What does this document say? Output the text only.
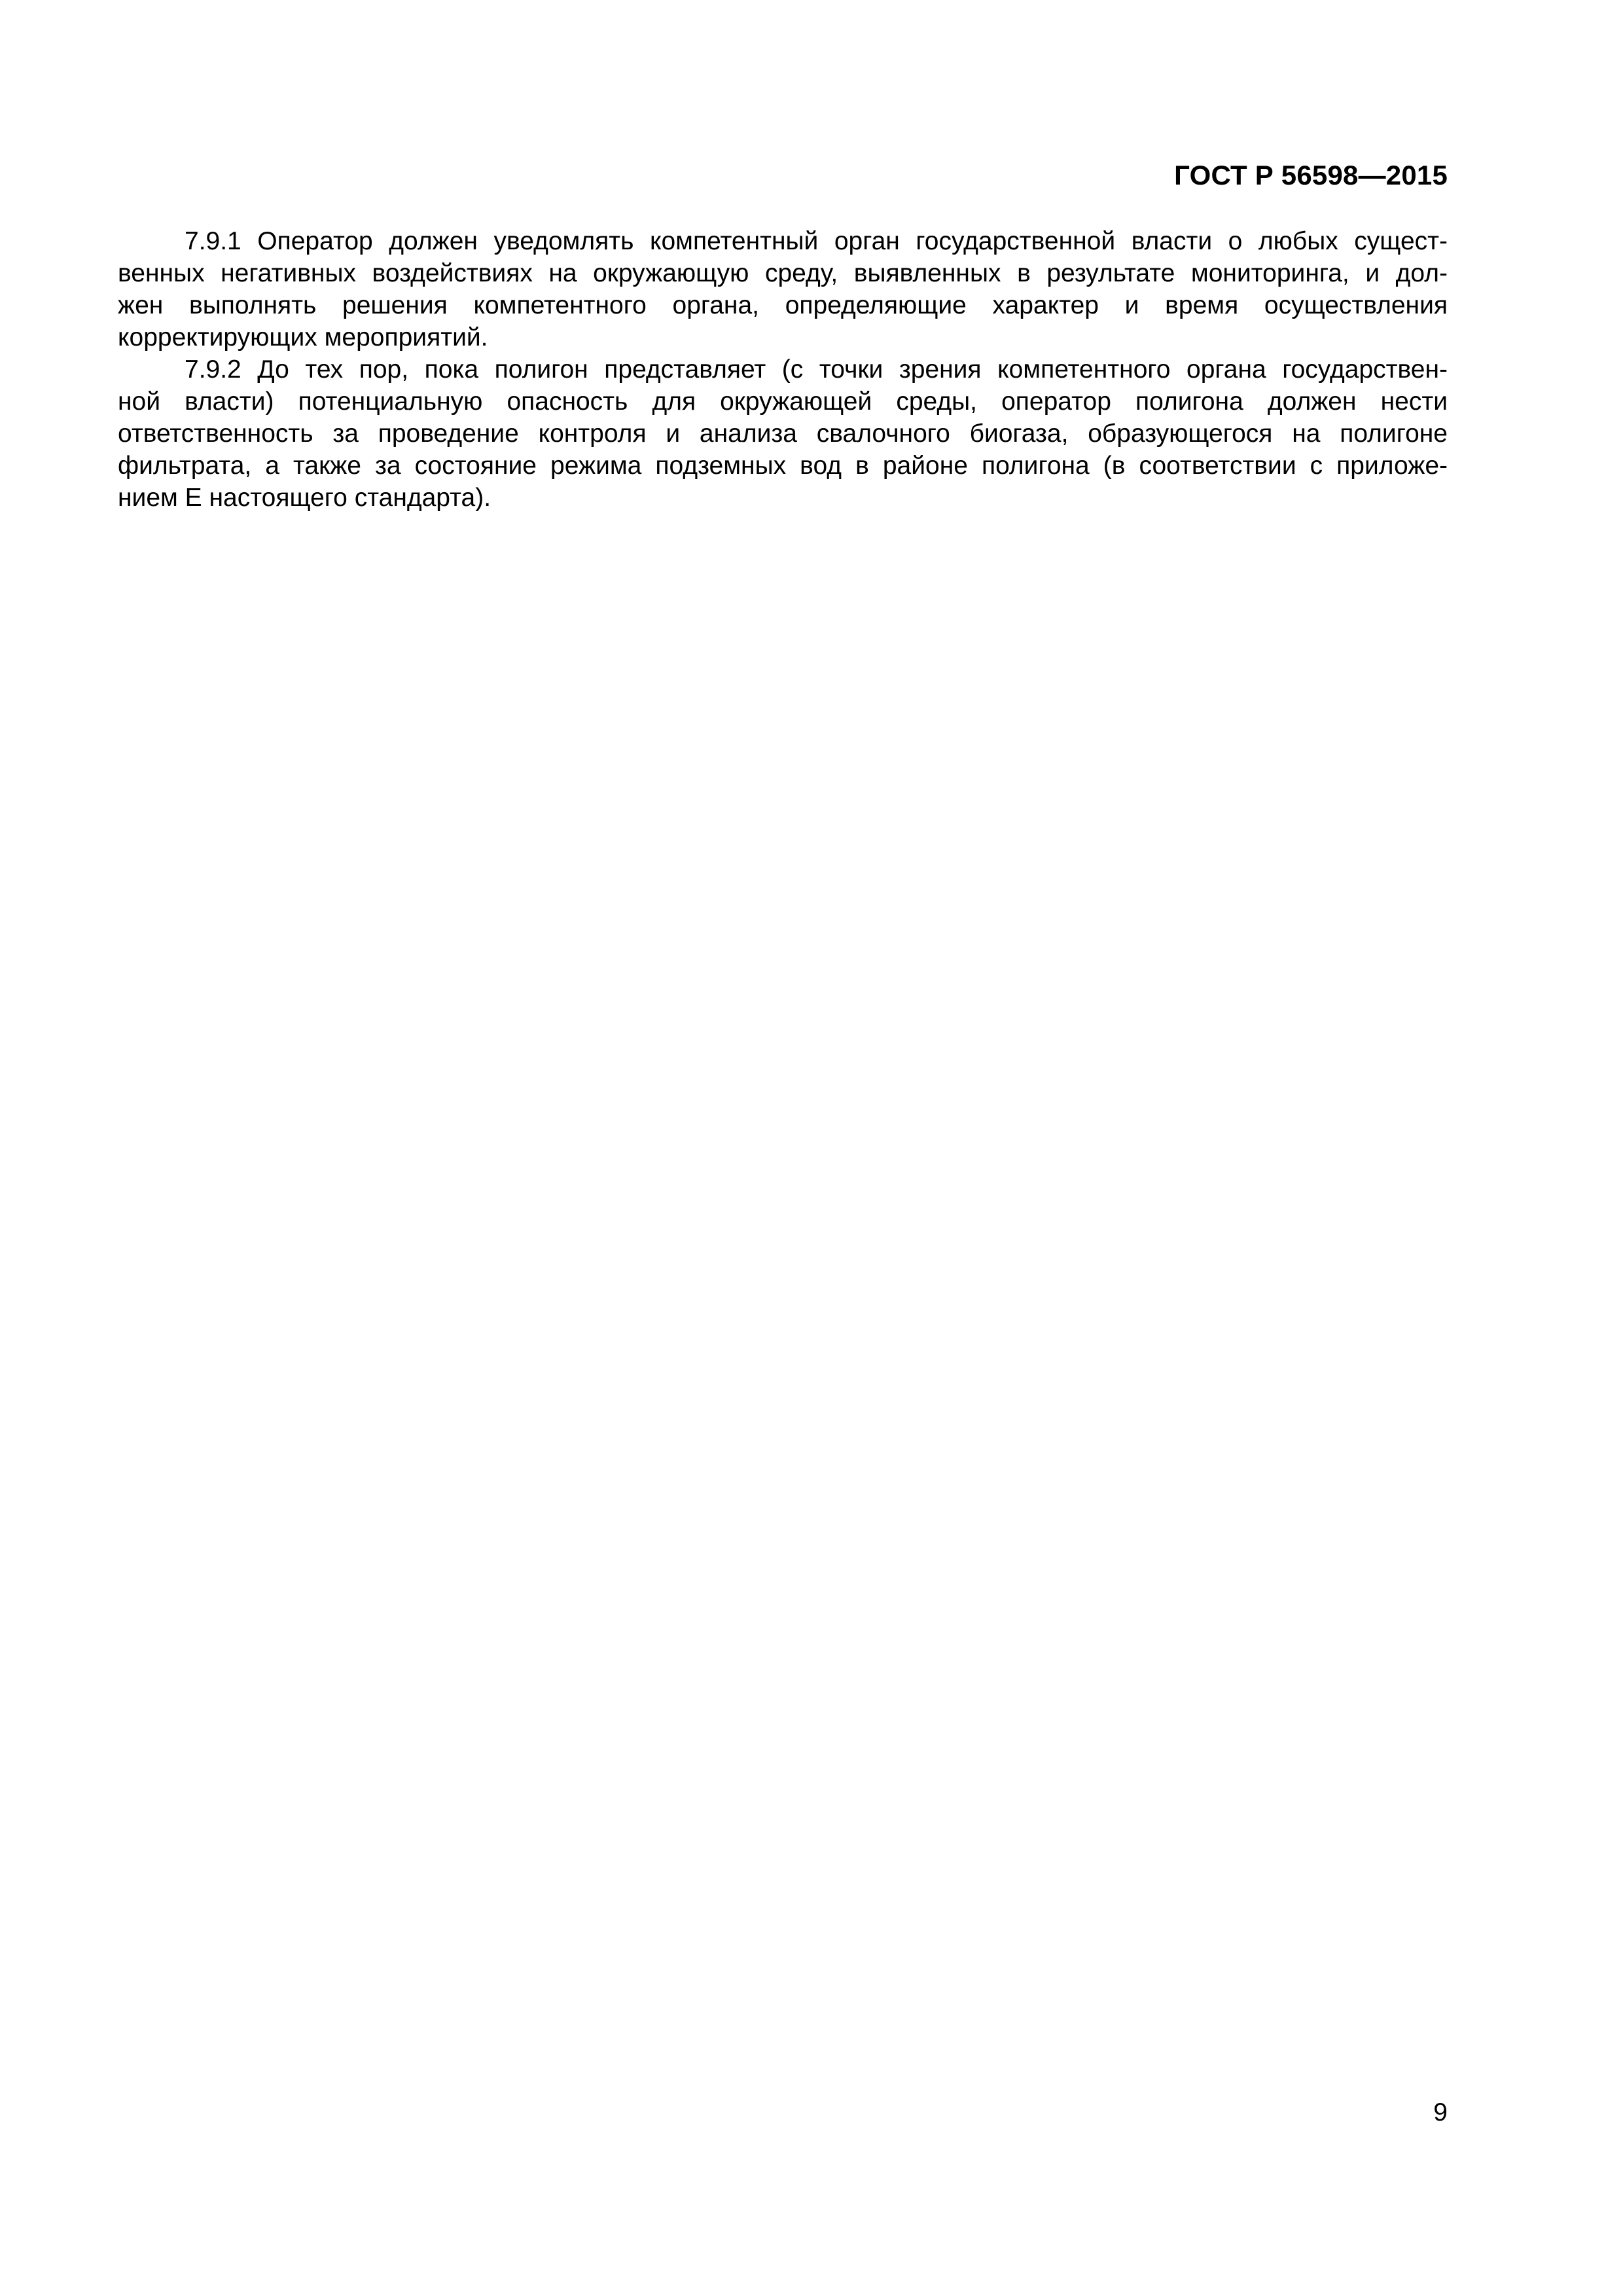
ГОСТ Р 56598—2015
7.9.1 Оператор должен уведомлять компетентный орган государственной власти о любых сущест-
венных негативных воздействиях на окружающую среду, выявленных в результате мониторинга, и дол-
жен выполнять решения компетентного органа, определяющие характер и время осуществления
корректирующих мероприятий.
7.9.2 До тех пор, пока полигон представляет (с точки зрения компетентного органа государствен-
ной власти) потенциальную опасность для окружающей среды, оператор полигона должен нести
ответственность за проведение контроля и анализа свалочного биогаза, образующегося на полигоне
фильтрата, а также за состояние режима подземных вод в районе полигона (в соответствии с приложе-
нием Е настоящего стандарта).
9
